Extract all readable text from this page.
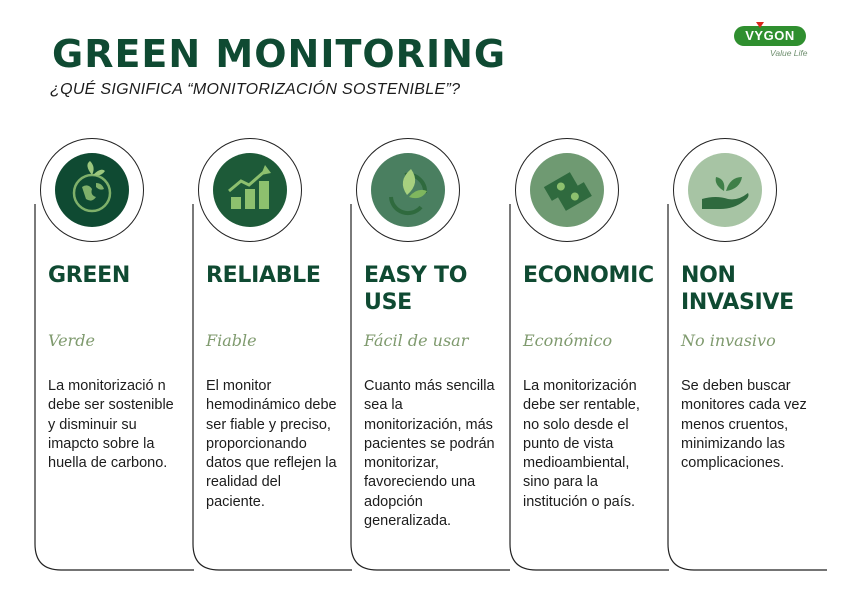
GREEN MONITORING
¿QUÉ SIGNIFICA “MONITORIZACIÓN SOSTENIBLE”?
VYGON
Value Life
GREEN
Verde
La monitorizació n debe ser sostenible y disminuir su imapcto sobre la huella de carbono.
RELIABLE
Fiable
El monitor hemodinámico debe ser fiable y preciso, proporcionando datos que reflejen la realidad del paciente.
EASY TO USE
Fácil de usar
Cuanto más sencilla sea la monitorización, más pacientes se podrán monitorizar, favoreciendo una adopción generalizada.
ECONOMIC
Económico
La monitorización debe ser rentable, no solo desde el punto de vista medioambiental, sino para la institución o país.
NON INVASIVE
No invasivo
Se deben buscar monitores cada vez menos cruentos, minimizando las complicaciones.
